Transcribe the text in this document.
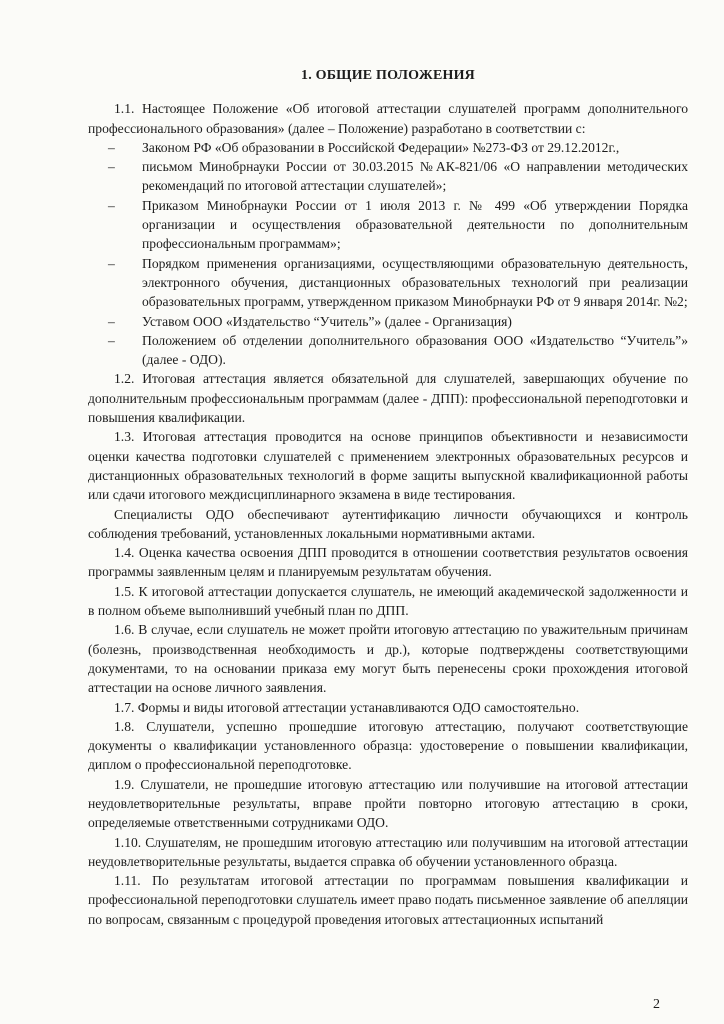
1. ОБЩИЕ ПОЛОЖЕНИЯ

1.1. Настоящее Положение «Об итоговой аттестации слушателей программ дополнительного профессионального образования» (далее – Положение) разработано в соответствии с:

– Законом РФ «Об образовании в Российской Федерации» №273-ФЗ от 29.12.2012г.,
– письмом Минобрнауки России от 30.03.2015 №АК-821/06 «О направлении методических рекомендаций по итоговой аттестации слушателей»;
– Приказом Минобрнауки России от 1 июля 2013 г. № 499 «Об утверждении Порядка организации и осуществления образовательной деятельности по дополнительным профессиональным программам»;
– Порядком применения организациями, осуществляющими образовательную деятельность, электронного обучения, дистанционных образовательных технологий при реализации образовательных программ, утвержденном приказом Минобрнауки РФ от 9 января 2014г. №2;
– Уставом ООО «Издательство “Учитель”» (далее - Организация)
– Положением об отделении дополнительного образования ООО «Издательство “Учитель”» (далее - ОДО).

1.2. Итоговая аттестация является обязательной для слушателей, завершающих обучение по дополнительным профессиональным программам (далее - ДПП): профессиональной переподготовки и повышения квалификации.

1.3. Итоговая аттестация проводится на основе принципов объективности и независимости оценки качества подготовки слушателей с применением электронных образовательных ресурсов и дистанционных образовательных технологий в форме защиты выпускной квалификационной работы или сдачи итогового междисциплинарного экзамена в виде тестирования.

Специалисты ОДО обеспечивают аутентификацию личности обучающихся и контроль соблюдения требований, установленных локальными нормативными актами.

1.4. Оценка качества освоения ДПП проводится в отношении соответствия результатов освоения программы заявленным целям и планируемым результатам обучения.

1.5. К итоговой аттестации допускается слушатель, не имеющий академической задолженности и в полном объеме выполнивший учебный план по ДПП.

1.6. В случае, если слушатель не может пройти итоговую аттестацию по уважительным причинам (болезнь, производственная необходимость и др.), которые подтверждены соответствующими документами, то на основании приказа ему могут быть перенесены сроки прохождения итоговой аттестации на основе личного заявления.

1.7. Формы и виды итоговой аттестации устанавливаются ОДО самостоятельно.

1.8. Слушатели, успешно прошедшие итоговую аттестацию, получают соответствующие документы о квалификации установленного образца: удостоверение о повышении квалификации, диплом о профессиональной переподготовке.

1.9. Слушатели, не прошедшие итоговую аттестацию или получившие на итоговой аттестации неудовлетворительные результаты, вправе пройти повторно итоговую аттестацию в сроки, определяемые ответственными сотрудниками ОДО.

1.10. Слушателям, не прошедшим итоговую аттестацию или получившим на итоговой аттестации неудовлетворительные результаты, выдается справка об обучении установленного образца.

1.11. По результатам итоговой аттестации по программам повышения квалификации и профессиональной переподготовки слушатель имеет право подать письменное заявление об апелляции по вопросам, связанным с процедурой проведения итоговых аттестационных испытаний

2
